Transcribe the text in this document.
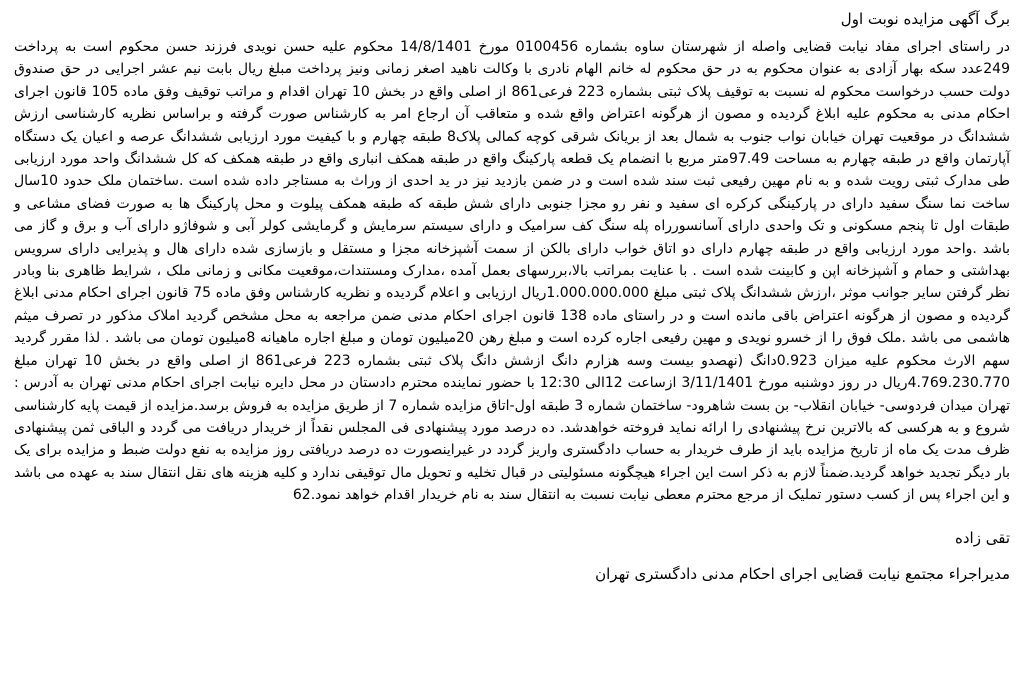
برگ آگهی مزایده نوبت اول

در راستای اجرای مفاد نیابت قضایی واصله از شهرستان ساوه بشماره 0100456 مورخ 14/8/1401 محکوم علیه حسن نویدی فرزند حسن محکوم است به پرداخت 249عدد سکه بهار آزادی به عنوان محکوم به در حق محکوم له خانم الهام نادری با وکالت ناهید اصغر زمانی ونیز پرداخت مبلغ ریال بابت نیم عشر اجرایی در حق صندوق دولت حسب درخواست محکوم له نسبت به توقیف پلاک ثبتی بشماره 223 فرعی861 از اصلی واقع در بخش 10 تهران اقدام و مراتب توقیف وفق ماده 105 قانون اجرای احکام مدنی به محکوم علیه ابلاغ گردیده و مصون از هرگونه اعتراض واقع شده و متعاقب آن ارجاع امر به کارشناس صورت گرفته و براساس نظریه کارشناسی ارزش ششدانگ در موقعیت تهران خیابان نواب جنوب به شمال بعد از بریانک شرقی کوچه کمالی پلاک8 طبقه چهارم و با کیفیت مورد ارزیابی ششدانگ عرصه و اعیان یک دستگاه آپارتمان واقع در طبقه چهارم به مساحت 97.49متر مربع با انضمام یک قطعه پارکینگ واقع در طبقه همکف انباری واقع در طبقه همکف که کل ششدانگ واحد مورد ارزیابی طی مدارک ثبتی رویت شده و به نام مهین رفیعی ثبت سند شده است و در ضمن بازدید نیز در ید احدی از وراث به مستاجر داده شده است .ساختمان ملک حدود 10سال ساخت نما سنگ سفید دارای در پارکینگی کرکره ای سفید و نفر رو مجزا جنوبی دارای شش طبقه که طبقه همکف پیلوت و محل پارکینگ ها به صورت فضای مشاعی و طبقات اول تا پنجم مسکونی و تک واحدی دارای آسانسورراه پله سنگ کف سرامیک و دارای سیستم سرمایش و گرمایشی کولر آبی و شوفاژو دارای آب و برق و گاز می باشد .واحد مورد ارزیابی واقع در طبقه چهارم دارای دو اتاق خواب دارای بالکن از سمت آشپزخانه مجزا و مستقل و بازسازی شده دارای هال و پذیرایی دارای سرویس بهداشتی و حمام و آشپزخانه اپن و کابینت شده است . با عنایت بمراتب بالا،بررسهای بعمل آمده ،مدارک ومستندات،موقعیت مکانی و زمانی ملک ، شرایط ظاهری بنا وبادر نظر گرفتن سایر جوانب موثر ،ارزش ششدانگ پلاک ثبتی مبلغ 1.000.000.000ریال ارزیابی و اعلام گردیده و نظریه کارشناس وفق ماده 75 قانون اجرای احکام مدنی ابلاغ گردیده و مصون از هرگونه اعتراض باقی مانده است و در راستای ماده 138 قانون اجرای احکام مدنی ضمن مراجعه به محل مشخص گردید املاک مذکور در تصرف میثم هاشمی می باشد .ملک فوق را از خسرو نویدی و مهین رفیعی اجاره کرده است و مبلغ رهن 20میلیون تومان و مبلغ اجاره ماهیانه 8میلیون تومان می باشد . لذا مقرر گردید سهم الارث محکوم علیه میزان 0.923دانگ (نهصدو بیست وسه هزارم دانگ ازشش دانگ پلاک ثبتی بشماره 223 فرعی861 از اصلی واقع در بخش 10 تهران مبلغ 4.769.230.770ریال در روز دوشنبه مورخ 3/11/1401 ازساعت 12الی 12:30 با حضور نماینده محترم دادستان در محل دایره نیابت اجرای احکام مدنی تهران به آدرس : تهران میدان فردوسی- خیابان انقلاب- بن بست شاهرود- ساختمان شماره 3 طبقه اول-اتاق مزایده شماره 7 از طریق مزایده به فروش برسد.مزایده از قیمت پایه کارشناسی شروع و به هرکسی که بالاترین نرخ پیشنهادی را ارائه نماید فروخته خواهدشد. ده درصد مورد پیشنهادی فی المجلس نقداً از خریدار دریافت می گردد و الباقی ثمن پیشنهادی ظرف مدت یک ماه از تاریخ مزایده باید از طرف خریدار به حساب دادگستری واریز گردد در غیراینصورت ده درصد دریافتی روز مزایده به نفع دولت ضبط و مزایده برای یک بار دیگر تجدید خواهد گردید.ضمناً لازم به ذکر است این اجراء هیچگونه مسئولیتی در قبال تخلیه و تحویل مال توقیفی ندارد و کلیه هزینه های نقل انتقال سند به عهده می باشد و این اجراء پس از کسب دستور تملیک از مرجع محترم معطی نیابت نسبت به انتقال سند به نام خریدار اقدام خواهد نمود.62

تقی زاده
مدیراجراء مجتمع نیابت قضایی اجرای احکام مدنی دادگستری تهران
